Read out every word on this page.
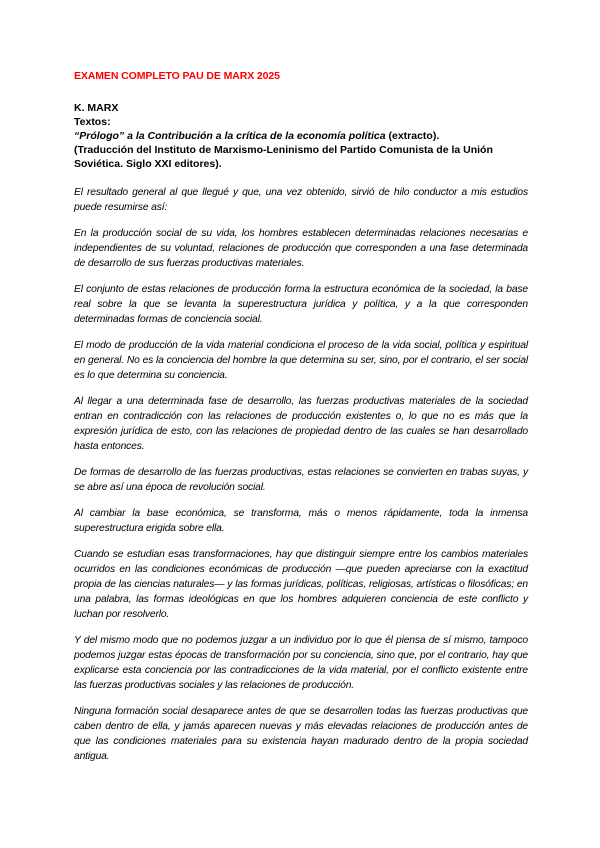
EXAMEN COMPLETO PAU DE MARX 2025
K. MARX
Textos:
“Prólogo” a la Contribución a la crítica de la economía política (extracto).
(Traducción del Instituto de Marxismo-Leninismo del Partido Comunista de la Unión Soviética. Siglo XXI editores).

El resultado general al que llegué y que, una vez obtenido, sirvió de hilo conductor a mis estudios puede resumirse así:

En la producción social de su vida, los hombres establecen determinadas relaciones necesarias e independientes de su voluntad, relaciones de producción que corresponden a una fase determinada de desarrollo de sus fuerzas productivas materiales.

El conjunto de estas relaciones de producción forma la estructura económica de la sociedad, la base real sobre la que se levanta la superestructura jurídica y política, y a la que corresponden determinadas formas de conciencia social.

El modo de producción de la vida material condiciona el proceso de la vida social, política y espiritual en general. No es la conciencia del hombre la que determina su ser, sino, por el contrario, el ser social es lo que determina su conciencia.

Al llegar a una determinada fase de desarrollo, las fuerzas productivas materiales de la sociedad entran en contradicción con las relaciones de producción existentes o, lo que no es más que la expresión jurídica de esto, con las relaciones de propiedad dentro de las cuales se han desarrollado hasta entonces.

De formas de desarrollo de las fuerzas productivas, estas relaciones se convierten en trabas suyas, y se abre así una época de revolución social.

Al cambiar la base económica, se transforma, más o menos rápidamente, toda la inmensa superestructura erigida sobre ella.

Cuando se estudian esas transformaciones, hay que distinguir siempre entre los cambios materiales ocurridos en las condiciones económicas de producción —que pueden apreciarse con la exactitud propia de las ciencias naturales— y las formas jurídicas, políticas, religiosas, artísticas o filosóficas; en una palabra, las formas ideológicas en que los hombres adquieren conciencia de este conflicto y luchan por resolverlo.

Y del mismo modo que no podemos juzgar a un individuo por lo que él piensa de sí mismo, tampoco podemos juzgar estas épocas de transformación por su conciencia, sino que, por el contrario, hay que explicarse esta conciencia por las contradicciones de la vida material, por el conflicto existente entre las fuerzas productivas sociales y las relaciones de producción.

Ninguna formación social desaparece antes de que se desarrollen todas las fuerzas productivas que caben dentro de ella, y jamás aparecen nuevas y más elevadas relaciones de producción antes de que las condiciones materiales para su existencia hayan madurado dentro de la propia sociedad antigua.
